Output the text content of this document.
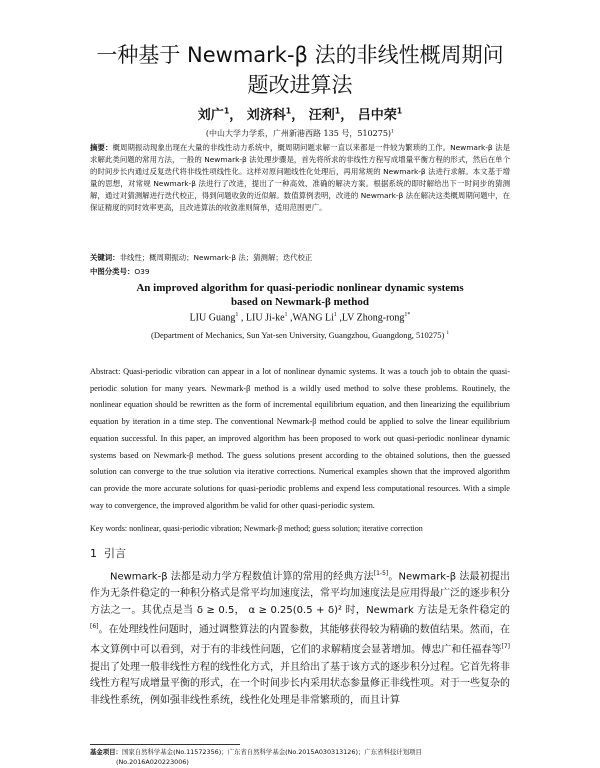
一种基于 Newmark-β 法的非线性概周期问
题改进算法
刘广$^1$， 刘济科$^1$， 汪利$^1$， 吕中荣$^1$
(中山大学力学系，广州新港西路 135 号，510275)$^1$
摘要：概周期振动现象出现在大量的非线性动力系统中，概周期问题求解一直以来都是一件较为繁琐的工作。Newmark-β 法是求解此类问题的常用方法，一般的 Newmark-β 法处理步骤是，首先将所求的非线性方程写成增量平衡方程的形式，然后在单个的时间步长内通过反复迭代将非线性项线性化。这样对原问题线性化处理后，再用常规的 Newmark-β 法进行求解。本文基于增量的思想，对常规 Newmark-β 法进行了改进，提出了一种高效、准确的解决方案。根据系统的即时解给出下一时间步的猜测解，通过对猜测解进行迭代校正，得到问题收敛的近似解。数值算例表明，改进的 Newmark-β 法在解决这类概周期问题中，在保证精度的同时效率更高，且改进算法的收敛准则简单，适用范围更广。
关键词：非线性；概周期振动；Newmark-β 法；猜测解；迭代校正
中图分类号：O39
An improved algorithm for quasi-periodic nonlinear dynamic systems
based on Newmark-β method
LIU Guang$^1$ , LIU $Ji-ke^1$ ,WANG Li$^1$ ,LV Zhong-rong$^{1*}$
(Department of Mechanics, Sun Yat-sen University, Guangzhou, Guangdong, 510275) $^1$
Abstract: Quasi-periodic vibration can appear in a lot of nonlinear dynamic systems. It was a touch job to obtain the quasi-periodic solution for many years. Newmark-β method is a wildly used method to solve these problems. Routinely, the nonlinear equation should be rewritten as the form of incremental equilibrium equation, and then linearizing the equilibrium equation by iteration in a time step. The conventional Newmark-β method could be applied to solve the linear equilibrium equation successful. In this paper, an improved algorithm has been proposed to work out quasi-periodic nonlinear dynamic systems based on Newmark-β method. The guess solutions present according to the obtained solutions, then the guessed solution can converge to the true solution via iterative corrections. Numerical examples shown that the improved algorithm can provide the more accurate solutions for quasi-periodic problems and expend less computational resources. With a simple way to convergence, the improved algorithm be valid for other quasi-periodic system.
Key words: nonlinear, quasi-periodic vibration; Newmark-β method; guess solution; iterative correction
1 引言

Newmark-β 法都是动力学方程数值计算的常用的经典方法[1-5]。Newmark-β 法最初提出作为无条件稳定的一种积分格式是常平均加速度法，常平均加速度法是应用得最广泛的逐步积分方法之一。其优点是当 δ ≥ 0.5， α ≥ 0.25(0.5 + δ)² 时，Newmark 方法是无条件稳定的[6]。在处理线性问题时，通过调整算法的内置参数，其能够获得较为精确的数值结果。然而，在本文算例中可以看到，对于有的非线性问题，它们的求解精度会显著增加。傅忠广和任福春等[7]提出了处理一般非线性方程的线性化方式，并且给出了基于该方式的逐步积分过程。它首先将非线性方程写成增量平衡的形式，在一个时间步长内采用状态参量修正非线性项。对于一些复杂的非线性系统，例如强非线性系统，线性化处理是非常繁琐的，而且计算

基金项目：国家自然科学基金(No.11572356)；广东省自然科学基金(No.2015A030313126)；广东省科技计划项目
(No.2016A020223006)
